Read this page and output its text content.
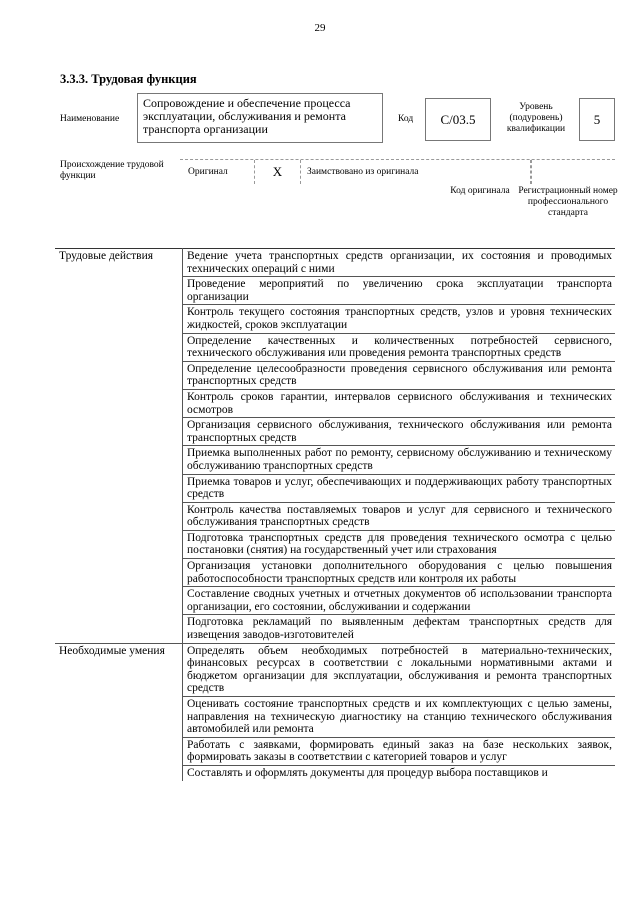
29
3.3.3. Трудовая функция
Наименование
Сопровождение и обеспечение процесса эксплуатации, обслуживания и ремонта транспорта организации
Код	C/03.5
Уровень (подуровень) квалификации
5
Происхождение трудовой функции	Оригинал	X	Заимствовано из оригинала
Код оригинала Регистрационный номер профессионального стандарта
Трудовые действия	Ведение учета транспортных средств организации, их состояния и проводимых технических операций с ними
	Проведение мероприятий по увеличению срока эксплуатации транспорта организации
	Контроль текущего состояния транспортных средств, узлов и уровня технических жидкостей, сроков эксплуатации
	Определение качественных и количественных потребностей сервисного, технического обслуживания или проведения ремонта транспортных средств
	Определение целесообразности проведения сервисного обслуживания или ремонта транспортных средств
	Контроль сроков гарантии, интервалов сервисного обслуживания и технических осмотров
	Организация сервисного обслуживания, технического обслуживания или ремонта транспортных средств
	Приемка выполненных работ по ремонту, сервисному обслуживанию и техническому обслуживанию транспортных средств
	Приемка товаров и услуг, обеспечивающих и поддерживающих работу транспортных средств
	Контроль качества поставляемых товаров и услуг для сервисного и технического обслуживания транспортных средств
	Подготовка транспортных средств для проведения технического осмотра с целью постановки (снятия) на государственный учет или страхования
	Организация установки дополнительного оборудования с целью повышения работоспособности транспортных средств или контроля их работы
	Составление сводных учетных и отчетных документов об использовании транспорта организации, его состоянии, обслуживании и содержании
	Подготовка рекламаций по выявленным дефектам транспортных средств для извещения заводов-изготовителей
Необходимые умения	Определять объем необходимых потребностей в материально-технических, финансовых ресурсах в соответствии с локальными нормативными актами и бюджетом организации для эксплуатации, обслуживания и ремонта транспортных средств
	Оценивать состояние транспортных средств и их комплектующих с целью замены, направления на техническую диагностику на станцию технического обслуживания автомобилей или ремонта
	Работать с заявками, формировать единый заказ на базе нескольких заявок, формировать заказы в соответствии с категорией товаров и услуг
	Составлять и оформлять документы для процедур выбора поставщиков и
